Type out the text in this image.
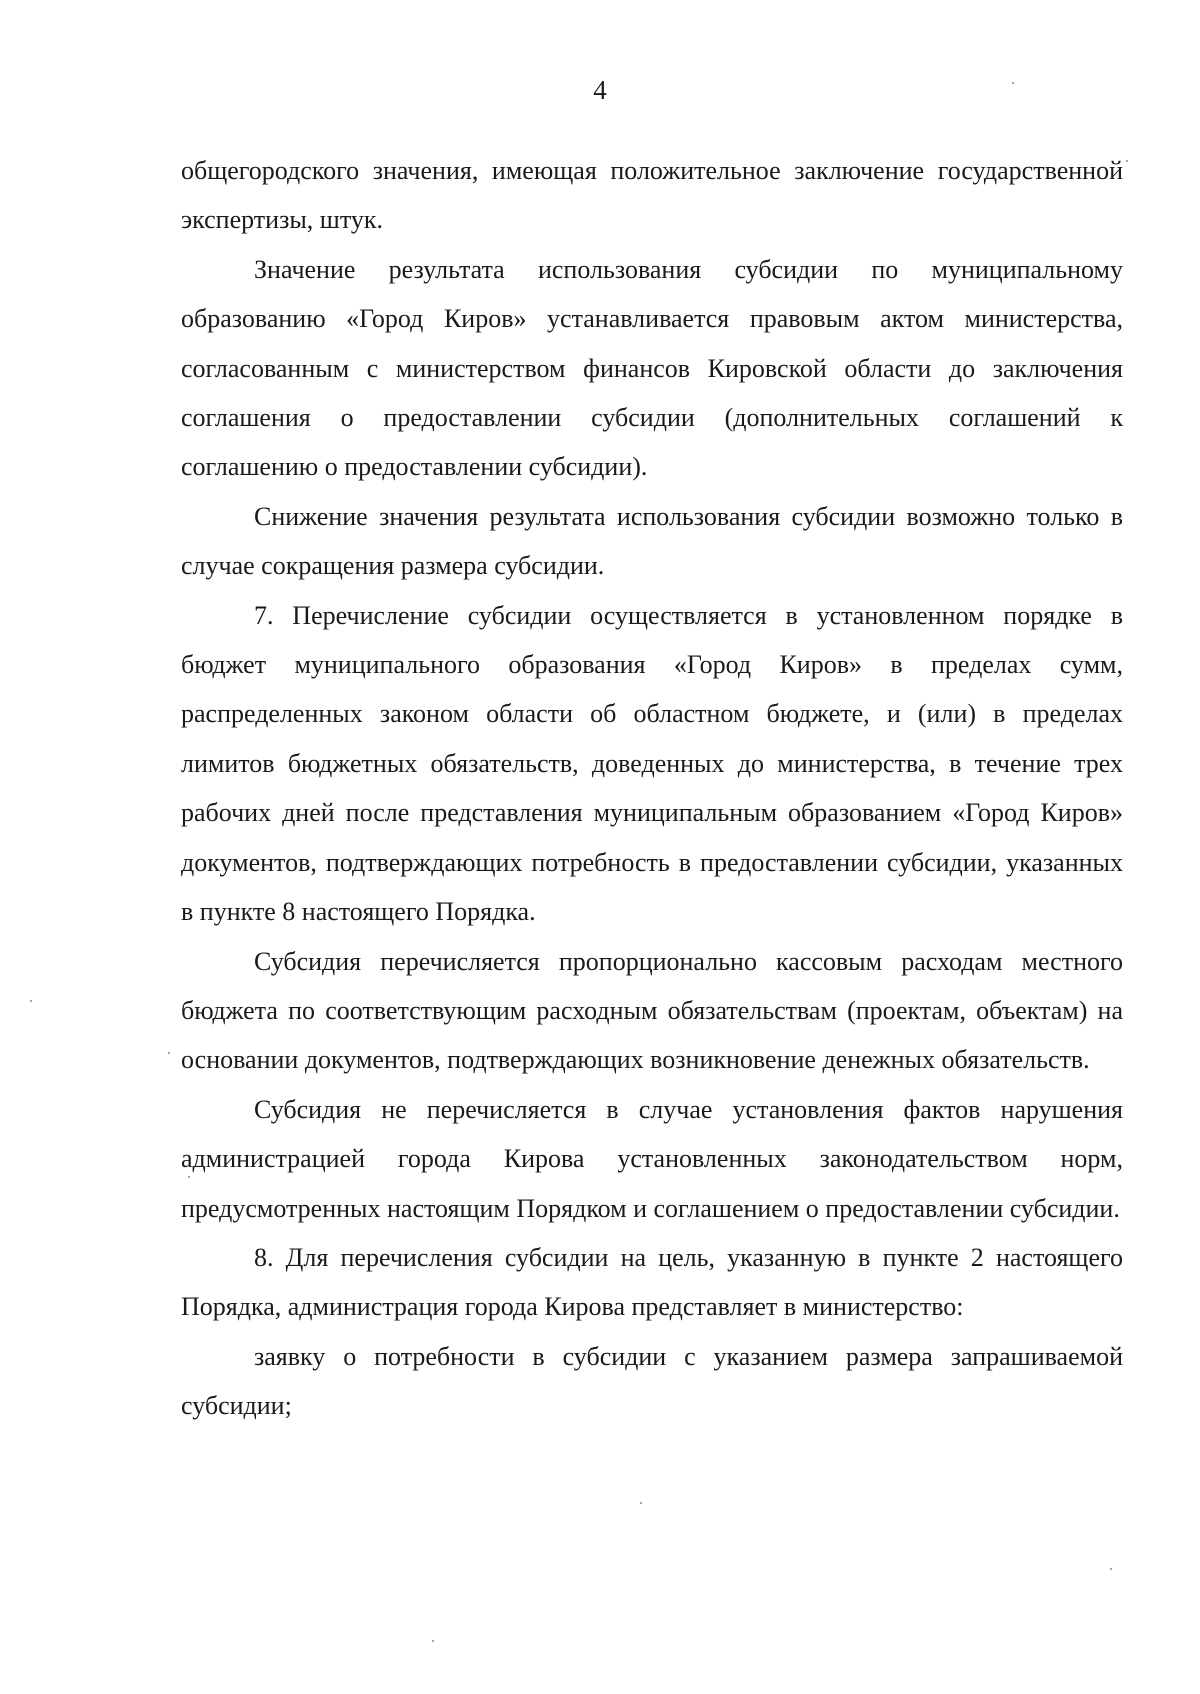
4

общегородского значения, имеющая положительное заключение государственной экспертизы, штук.

Значение результата использования субсидии по муниципальному образованию «Город Киров» устанавливается правовым актом министерства, согласованным с министерством финансов Кировской области до заключения соглашения о предоставлении субсидии (дополнительных соглашений к соглашению о предоставлении субсидии).

Снижение значения результата использования субсидии возможно только в случае сокращения размера субсидии.

7. Перечисление субсидии осуществляется в установленном порядке в бюджет муниципального образования «Город Киров» в пределах сумм, распределенных законом области об областном бюджете, и (или) в пределах лимитов бюджетных обязательств, доведенных до министерства, в течение трех рабочих дней после представления муниципальным образованием «Город Киров» документов, подтверждающих потребность в предоставлении субсидии, указанных в пункте 8 настоящего Порядка.

Субсидия перечисляется пропорционально кассовым расходам местного бюджета по соответствующим расходным обязательствам (проектам, объектам) на основании документов, подтверждающих возникновение денежных обязательств.

Субсидия не перечисляется в случае установления фактов нарушения администрацией города Кирова установленных законодательством норм, предусмотренных настоящим Порядком и соглашением о предоставлении субсидии.

8. Для перечисления субсидии на цель, указанную в пункте 2 настоящего Порядка, администрация города Кирова представляет в министерство:

заявку о потребности в субсидии с указанием размера запрашиваемой субсидии;
